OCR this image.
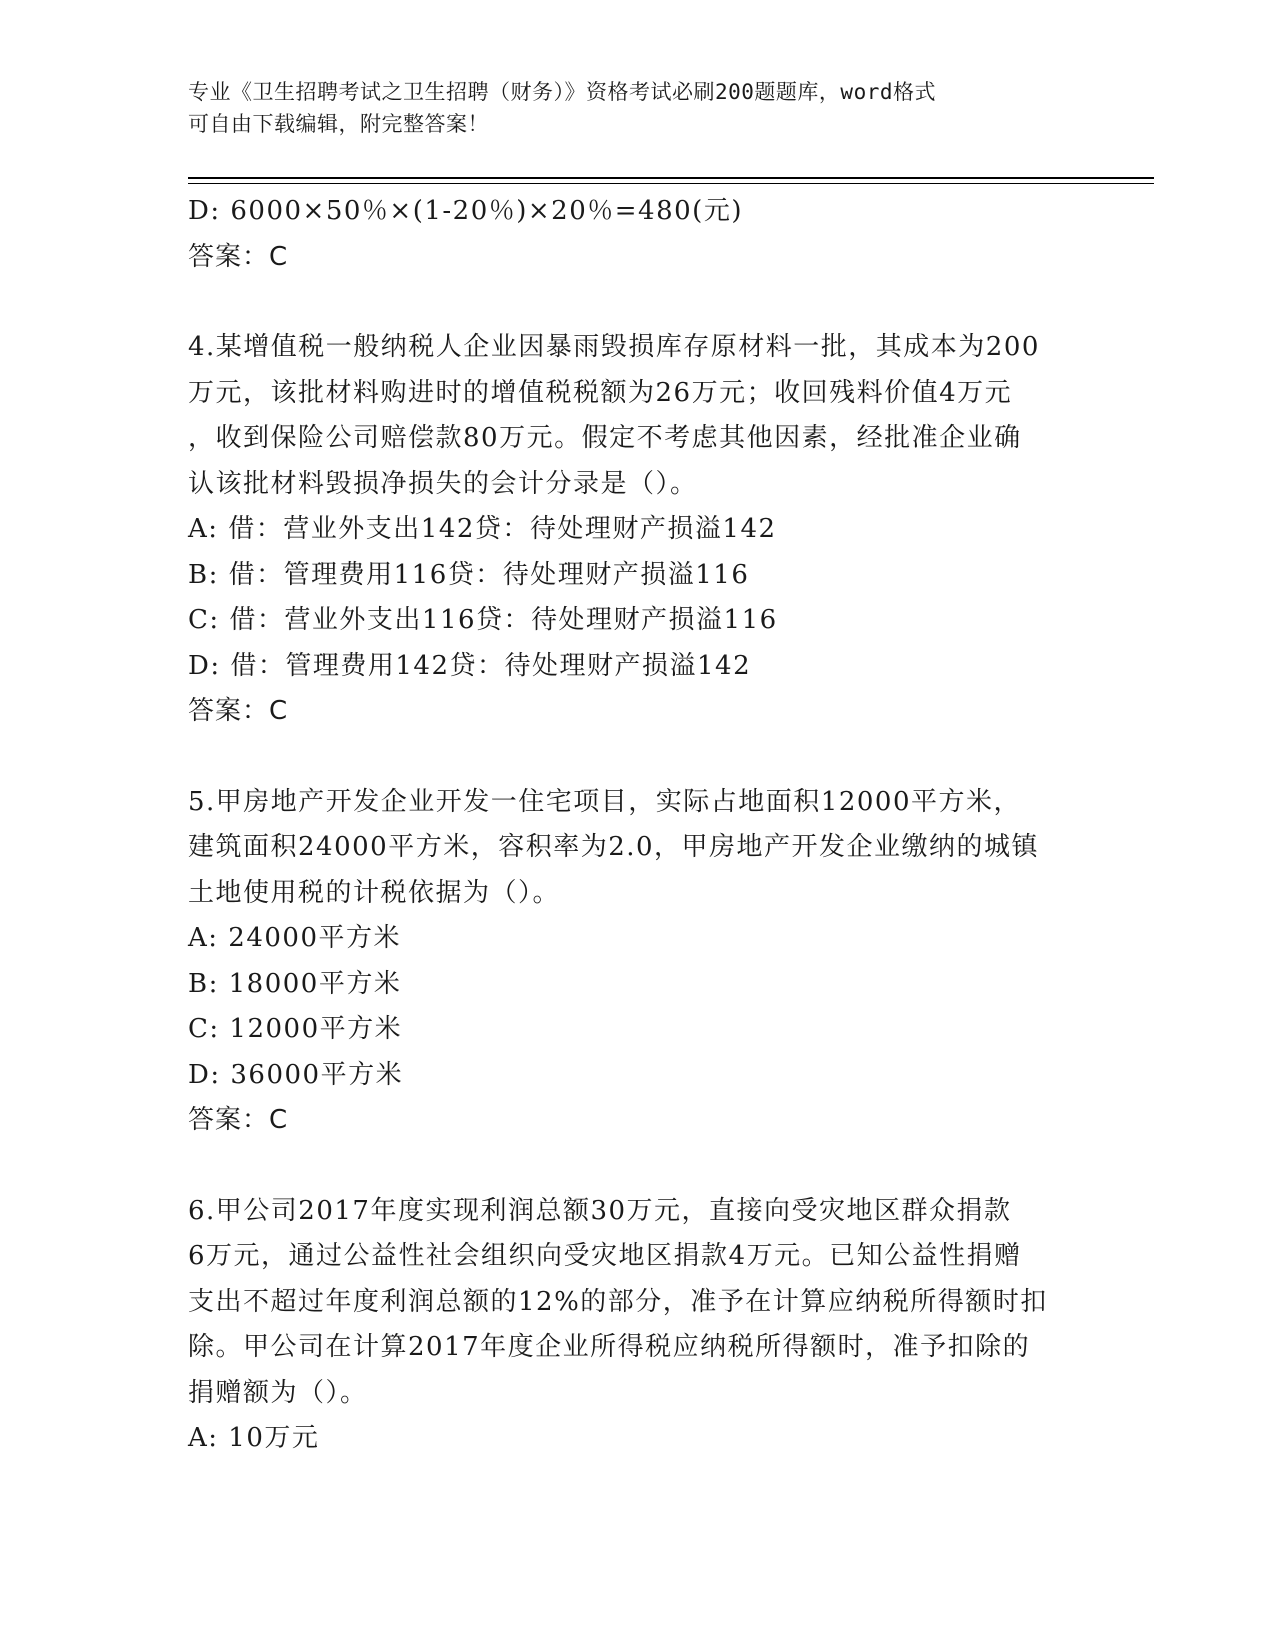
专业《卫生招聘考试之卫生招聘（财务）》资格考试必刷200题题库，word格式
可自由下载编辑，附完整答案！
D: 6000×50％×(1-20％)×20％=480(元)
答案：C
4.某增值税一般纳税人企业因暴雨毁损库存原材料一批，其成本为200
万元，该批材料购进时的增值税税额为26万元；收回残料价值4万元
，收到保险公司赔偿款80万元。假定不考虑其他因素，经批准企业确
认该批材料毁损净损失的会计分录是（）。
A: 借：营业外支出142贷：待处理财产损溢142
B: 借：管理费用116贷：待处理财产损溢116
C: 借：营业外支出116贷：待处理财产损溢116
D: 借：管理费用142贷：待处理财产损溢142
答案：C
5.甲房地产开发企业开发一住宅项目，实际占地面积12000平方米，
建筑面积24000平方米，容积率为2.0，甲房地产开发企业缴纳的城镇
土地使用税的计税依据为（）。
A: 24000平方米
B: 18000平方米
C: 12000平方米
D: 36000平方米
答案：C
6.甲公司2017年度实现利润总额30万元，直接向受灾地区群众捐款
6万元，通过公益性社会组织向受灾地区捐款4万元。已知公益性捐赠
支出不超过年度利润总额的12%的部分，准予在计算应纳税所得额时扣
除。甲公司在计算2017年度企业所得税应纳税所得额时，准予扣除的
捐赠额为（）。
A: 10万元
